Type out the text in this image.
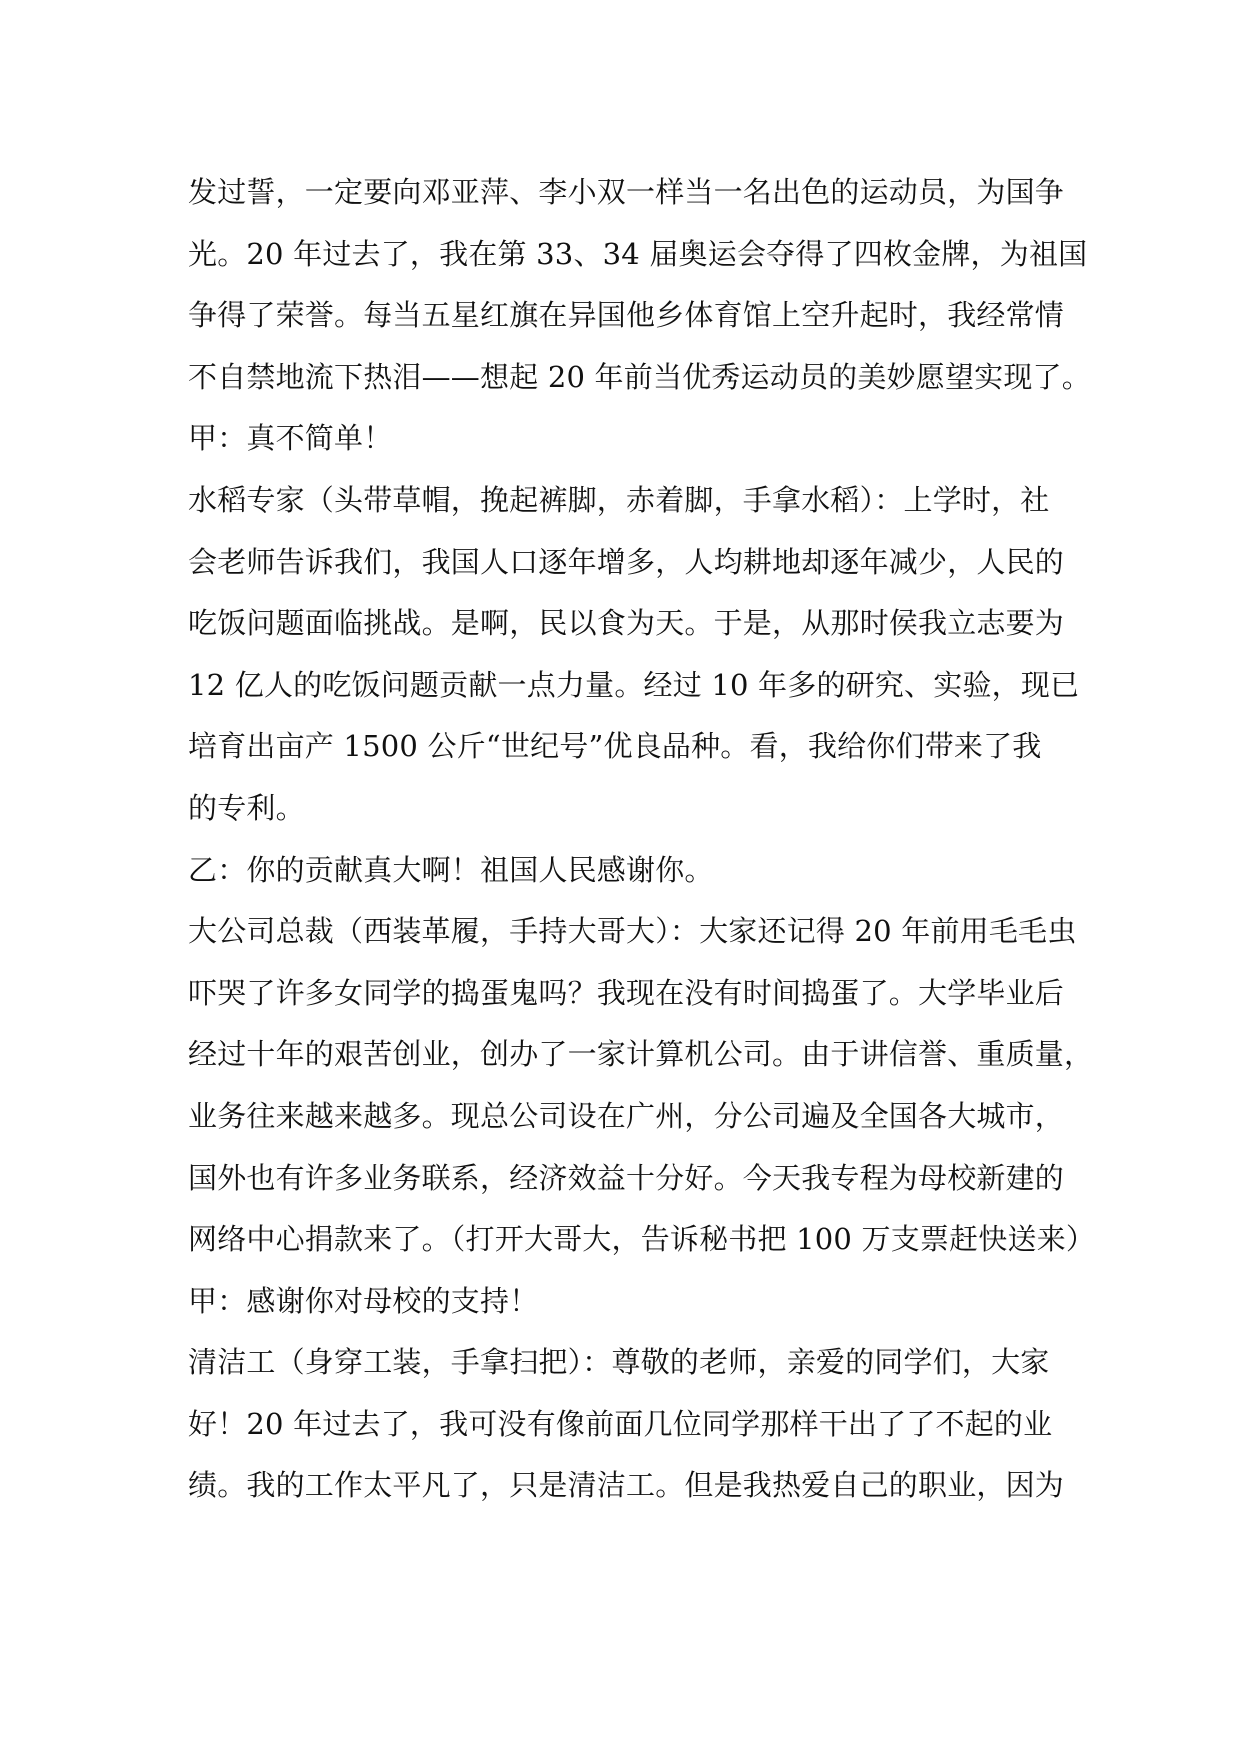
发过誓，一定要向邓亚萍、李小双一样当一名出色的运动员，为国争
光。20 年过去了，我在第 33、34 届奥运会夺得了四枚金牌，为祖国
争得了荣誉。每当五星红旗在异国他乡体育馆上空升起时，我经常情
不自禁地流下热泪——想起 20 年前当优秀运动员的美妙愿望实现了。
甲：真不简单！
水稻专家（头带草帽，挽起裤脚，赤着脚，手拿水稻）：上学时，社
会老师告诉我们，我国人口逐年增多，人均耕地却逐年减少，人民的
吃饭问题面临挑战。是啊，民以食为天。于是，从那时侯我立志要为
12 亿人的吃饭问题贡献一点力量。经过 10 年多的研究、实验，现已
培育出亩产 1500 公斤“世纪号”优良品种。看，我给你们带来了我
的专利。
乙：你的贡献真大啊！祖国人民感谢你。
大公司总裁（西装革履，手持大哥大）：大家还记得 20 年前用毛毛虫
吓哭了许多女同学的捣蛋鬼吗？我现在没有时间捣蛋了。大学毕业后
经过十年的艰苦创业，创办了一家计算机公司。由于讲信誉、重质量，
业务往来越来越多。现总公司设在广州，分公司遍及全国各大城市，
国外也有许多业务联系，经济效益十分好。今天我专程为母校新建的
网络中心捐款来了。（打开大哥大，告诉秘书把 100 万支票赶快送来）
甲：感谢你对母校的支持！
清洁工（身穿工装，手拿扫把）：尊敬的老师，亲爱的同学们，大家
好！20 年过去了，我可没有像前面几位同学那样干出了了不起的业
绩。我的工作太平凡了，只是清洁工。但是我热爱自己的职业，因为
